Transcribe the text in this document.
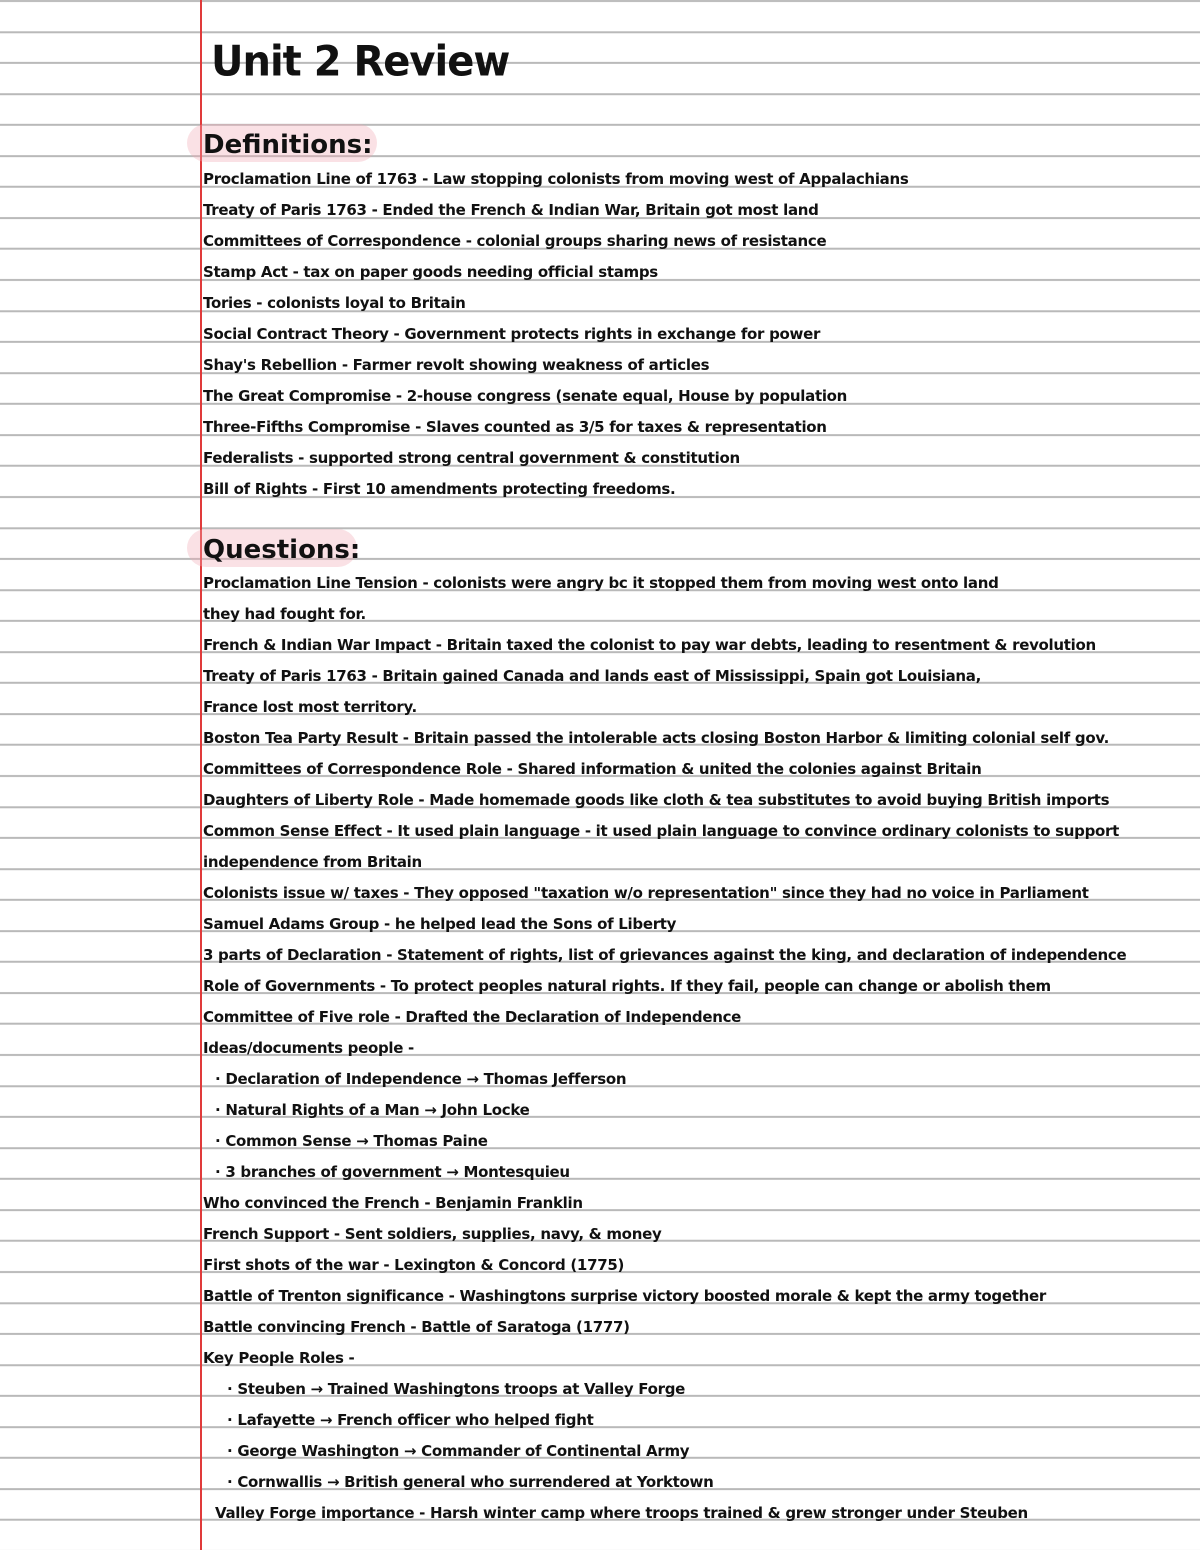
Unit 2 Review
Definitions:
Proclamation Line of 1763 - Law stopping colonists from moving west of Appalachians
Treaty of Paris 1763 - Ended the French & Indian War, Britain got most land
Committees of Correspondence - colonial groups sharing news of resistance
Stamp Act - tax on paper goods needing official stamps
Tories - colonists loyal to Britain
Social Contract Theory - Government protects rights in exchange for power
Shay's Rebellion - Farmer revolt showing weakness of articles
The Great Compromise - 2-house congress (senate equal, House by population
Three-Fifths Compromise - Slaves counted as 3/5 for taxes & representation
Federalists - supported strong central government & constitution
Bill of Rights - First 10 amendments protecting freedoms.
Questions:
Proclamation Line Tension - colonists were angry bc it stopped them from moving west onto land
they had fought for.
French & Indian War Impact - Britain taxed the colonist to pay war debts, leading to resentment & revolution
Treaty of Paris 1763 - Britain gained Canada and lands east of Mississippi, Spain got Louisiana,
France lost most territory.
Boston Tea Party Result - Britain passed the intolerable acts closing Boston Harbor & limiting colonial self gov.
Committees of Correspondence Role - Shared information & united the colonies against Britain
Daughters of Liberty Role - Made homemade goods like cloth & tea substitutes to avoid buying British imports
Common Sense Effect - It used plain language - it used plain language to convince ordinary colonists to support
independence from Britain
Colonists issue w/ taxes - They opposed "taxation w/o representation" since they had no voice in Parliament
Samuel Adams Group - he helped lead the Sons of Liberty
3 parts of Declaration - Statement of rights, list of grievances against the king, and declaration of independence
Role of Governments - To protect peoples natural rights. If they fail, people can change or abolish them
Committee of Five role - Drafted the Declaration of Independence
Ideas/documents people -
· Declaration of Independence → Thomas Jefferson
· Natural Rights of a Man → John Locke
· Common Sense → Thomas Paine
· 3 branches of government → Montesquieu
Who convinced the French - Benjamin Franklin
French Support - Sent soldiers, supplies, navy, & money
First shots of the war - Lexington & Concord (1775)
Battle of Trenton significance - Washingtons surprise victory boosted morale & kept the army together
Battle convincing French - Battle of Saratoga (1777)
Key People Roles -
· Steuben → Trained Washingtons troops at Valley Forge
· Lafayette → French officer who helped fight
· George Washington → Commander of Continental Army
· Cornwallis → British general who surrendered at Yorktown
Valley Forge importance - Harsh winter camp where troops trained & grew stronger under Steuben
